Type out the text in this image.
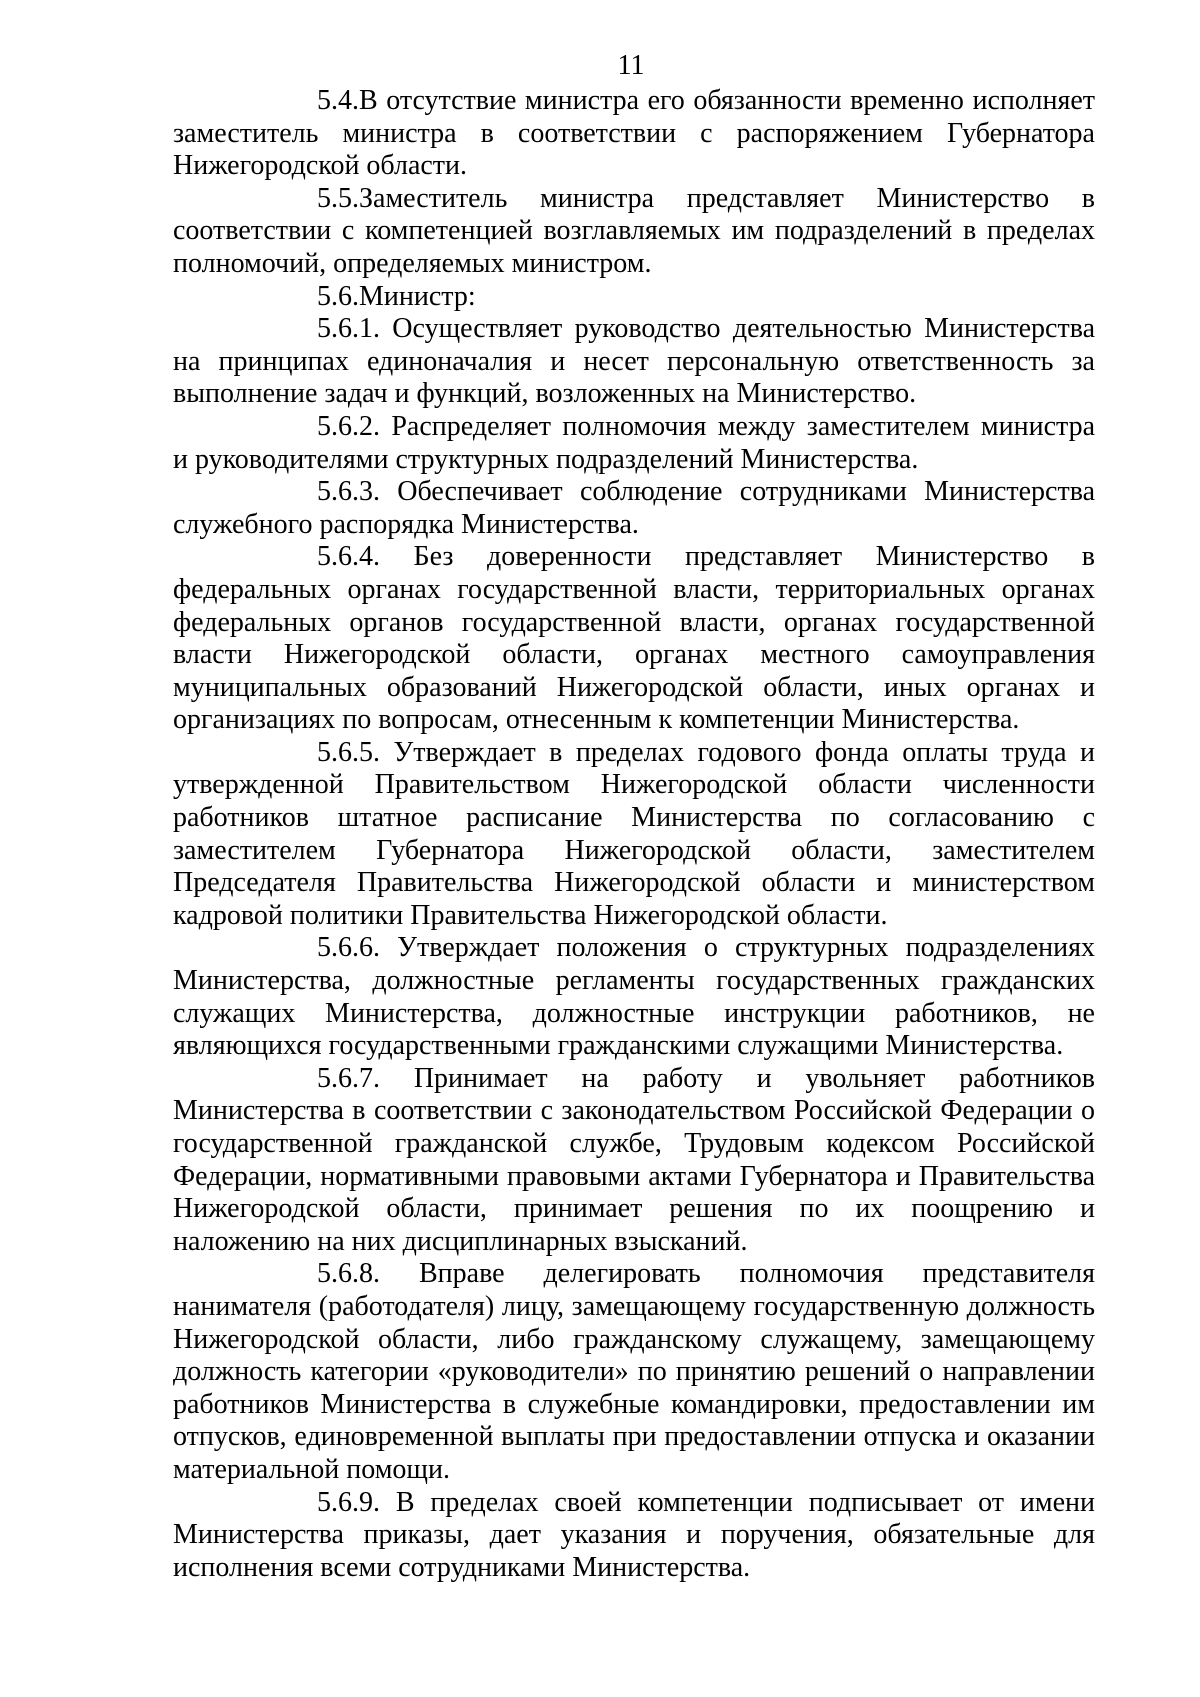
11

5.4.В отсутствие министра его обязанности временно исполняет заместитель министра в соответствии с распоряжением Губернатора Нижегородской области.

5.5.Заместитель министра представляет Министерство в соответствии с компетенцией возглавляемых им подразделений в пределах полномочий, определяемых министром.

5.6.Министр:

5.6.1. Осуществляет руководство деятельностью Министерства на принципах единоначалия и несет персональную ответственность за выполнение задач и функций, возложенных на Министерство.

5.6.2. Распределяет полномочия между заместителем министра и руководителями структурных подразделений Министерства.

5.6.3. Обеспечивает соблюдение сотрудниками Министерства служебного распорядка Министерства.

5.6.4. Без доверенности представляет Министерство в федеральных органах государственной власти, территориальных органах федеральных органов государственной власти, органах государственной власти Нижегородской области, органах местного самоуправления муниципальных образований Нижегородской области, иных органах и организациях по вопросам, отнесенным к компетенции Министерства.

5.6.5. Утверждает в пределах годового фонда оплаты труда и утвержденной Правительством Нижегородской области численности работников штатное расписание Министерства по согласованию с заместителем Губернатора Нижегородской области, заместителем Председателя Правительства Нижегородской области и министерством кадровой политики Правительства Нижегородской области.

5.6.6. Утверждает положения о структурных подразделениях Министерства, должностные регламенты государственных гражданских служащих Министерства, должностные инструкции работников, не являющихся государственными гражданскими служащими Министерства.

5.6.7. Принимает на работу и увольняет работников Министерства в соответствии с законодательством Российской Федерации о государственной гражданской службе, Трудовым кодексом Российской Федерации, нормативными правовыми актами Губернатора и Правительства Нижегородской области, принимает решения по их поощрению и наложению на них дисциплинарных взысканий.

5.6.8. Вправе делегировать полномочия представителя нанимателя (работодателя) лицу, замещающему государственную должность Нижегородской области, либо гражданскому служащему, замещающему должность категории «руководители» по принятию решений о направлении работников Министерства в служебные командировки, предоставлении им отпусков, единовременной выплаты при предоставлении отпуска и оказании материальной помощи.

5.6.9. В пределах своей компетенции подписывает от имени Министерства приказы, дает указания и поручения, обязательные для исполнения всеми сотрудниками Министерства.
